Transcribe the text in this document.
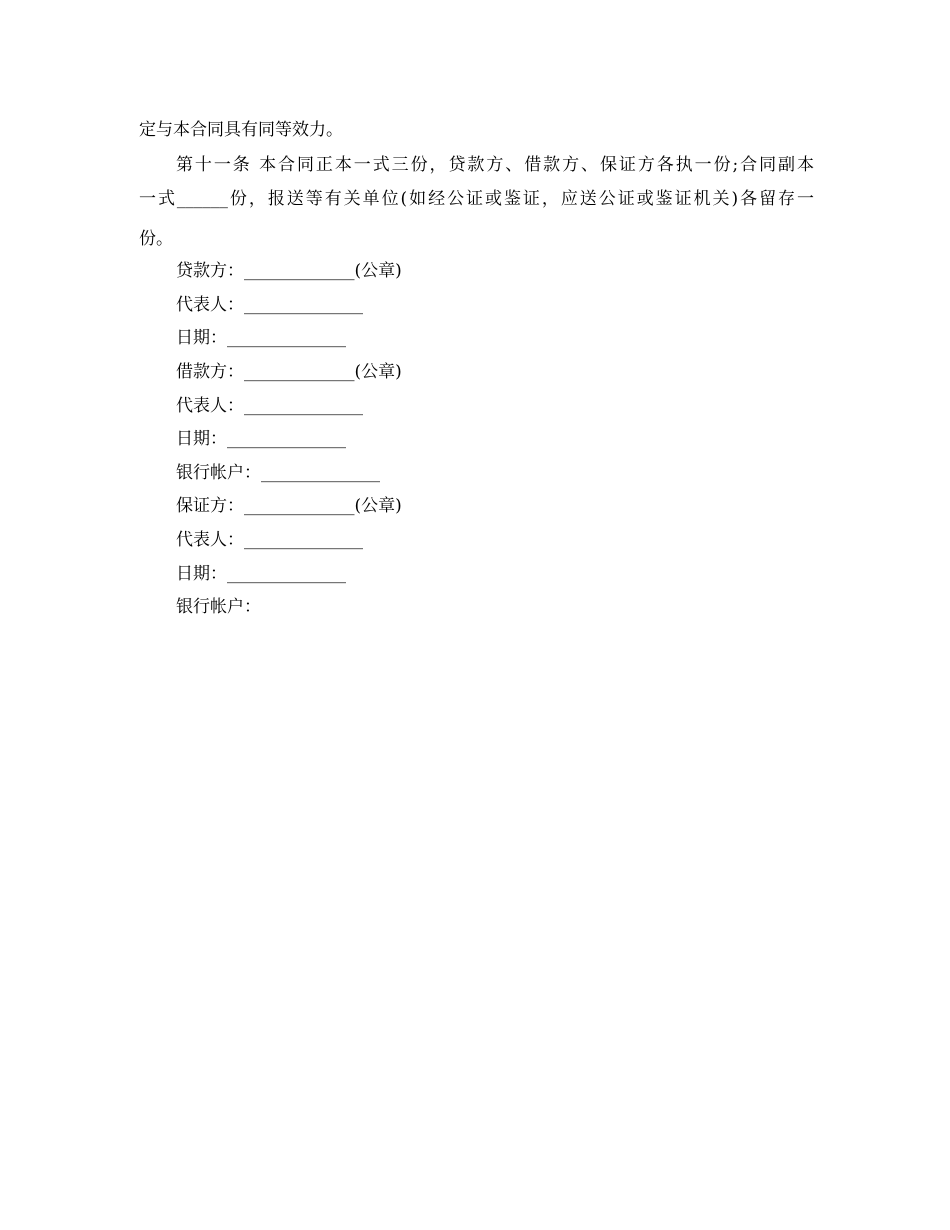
定与本合同具有同等效力。
第十一条 本合同正本一式三份，贷款方、借款方、保证方各执一份;合同副本
一式______份，报送等有关单位(如经公证或鉴证，应送公证或鉴证机关)各留存一
份。
贷款方：_____________(公章)
代表人：______________
日期：______________
借款方：_____________(公章)
代表人：______________
日期：______________
银行帐户：______________
保证方：_____________(公章)
代表人：______________
日期：______________
银行帐户：
